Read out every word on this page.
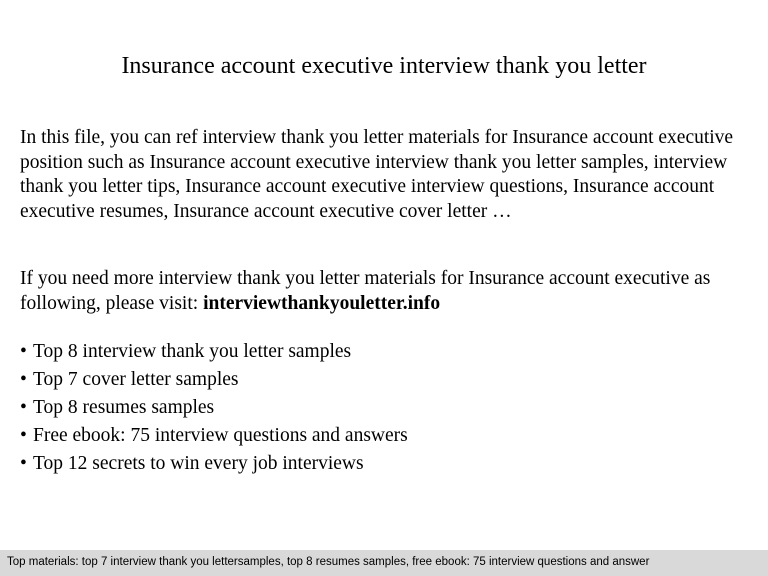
Insurance account executive interview thank you letter

In this file, you can ref interview thank you letter materials for Insurance account executive position such as Insurance account executive interview thank you letter samples, interview thank you letter tips, Insurance account executive interview questions, Insurance account executive resumes, Insurance account executive cover letter …

If you need more interview thank you letter materials for Insurance account executive as following, please visit: interviewthankyouletter.info

• Top 8 interview thank you letter samples
• Top 7 cover letter samples
• Top 8 resumes samples
• Free ebook: 75 interview questions and answers
• Top 12 secrets to win every job interviews
Top materials: top 7 interview thank you lettersamples, top 8 resumes samples, free ebook: 75 interview questions and answer
